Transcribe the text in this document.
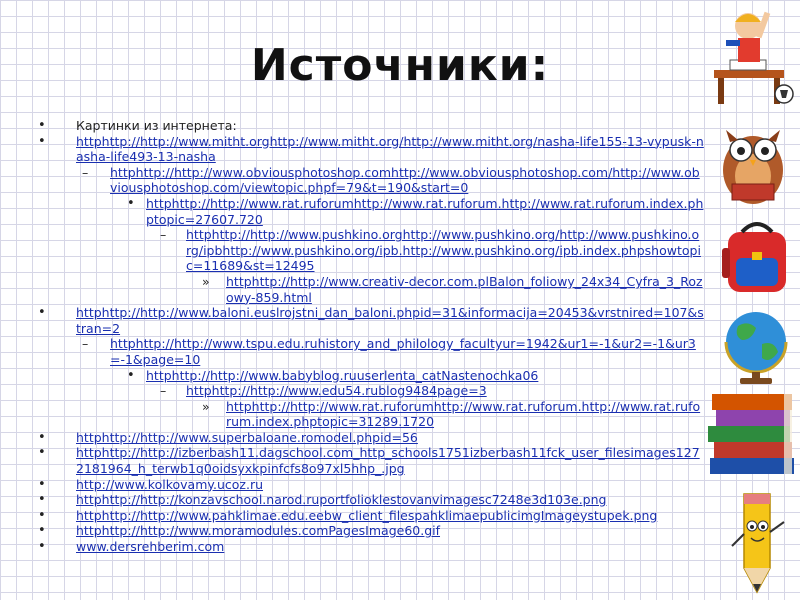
Источники:
• Картинки из интернета:
• httphttp://http://www.mitht.orghttp://www.mitht.org/http://www.mitht.org/nasha-life155-13-vypusk-nasha-life493-13-nasha
– httphttp://http://www.obviousphotoshop.comhttp://www.obviousphotoshop.com/http://www.obviousphotoshop.com/viewtopic.phpf=79&t=190&start=0
• httphttp://http://www.rat.ruforumhttp://www.rat.ruforum.http://www.rat.ruforum.index.phptopic=27607.720
– httphttp://http://www.pushkino.orghttp://www.pushkino.org/http://www.pushkino.org/ipbhttp://www.pushkino.org/ipb.http://www.pushkino.org/ipb.index.phpshowtopic=11689&st=12495
» httphttp://http://www.creativ-decor.com.plBalon_foliowy_24x34_Cyfra_3_Rozowy-859.html
• httphttp://http://www.baloni.euslrojstni_dan_baloni.phpid=31&informacija=20453&vrstnired=107&stran=2
– httphttp://http://www.tspu.edu.ruhistory_and_philology_facultyur=1942&ur1=-1&ur2=-1&ur3=-1&page=10
• httphttp://http://www.babyblog.ruuserlenta_catNastenochka06
– httphttp://http://www.edu54.rublog9484page=3
» httphttp://http://www.rat.ruforumhttp://www.rat.ruforum.http://www.rat.ruforum.index.phptopic=31289.1720
• httphttp://http://www.superbaloane.romodel.phpid=56
• httphttp://http://izberbash11.dagschool.com_http_schools1751izberbash11fck_user_filesimages1272181964_h_terwb1q0oidsyxkpinfcfs8o97xl5hhp_.jpg
• http://www.kolkovamy.ucoz.ru
• httphttp://http://konzavschool.narod.ruportfolioklestovanvimagesc7248e3d103e.png
• httphttp://http://www.pahklimae.edu.eebw_client_filespahklimaepublicimgImageystupek.png
• httphttp://http://www.moramodules.comPagesImage60.gif
• www.dersrehberim.com
